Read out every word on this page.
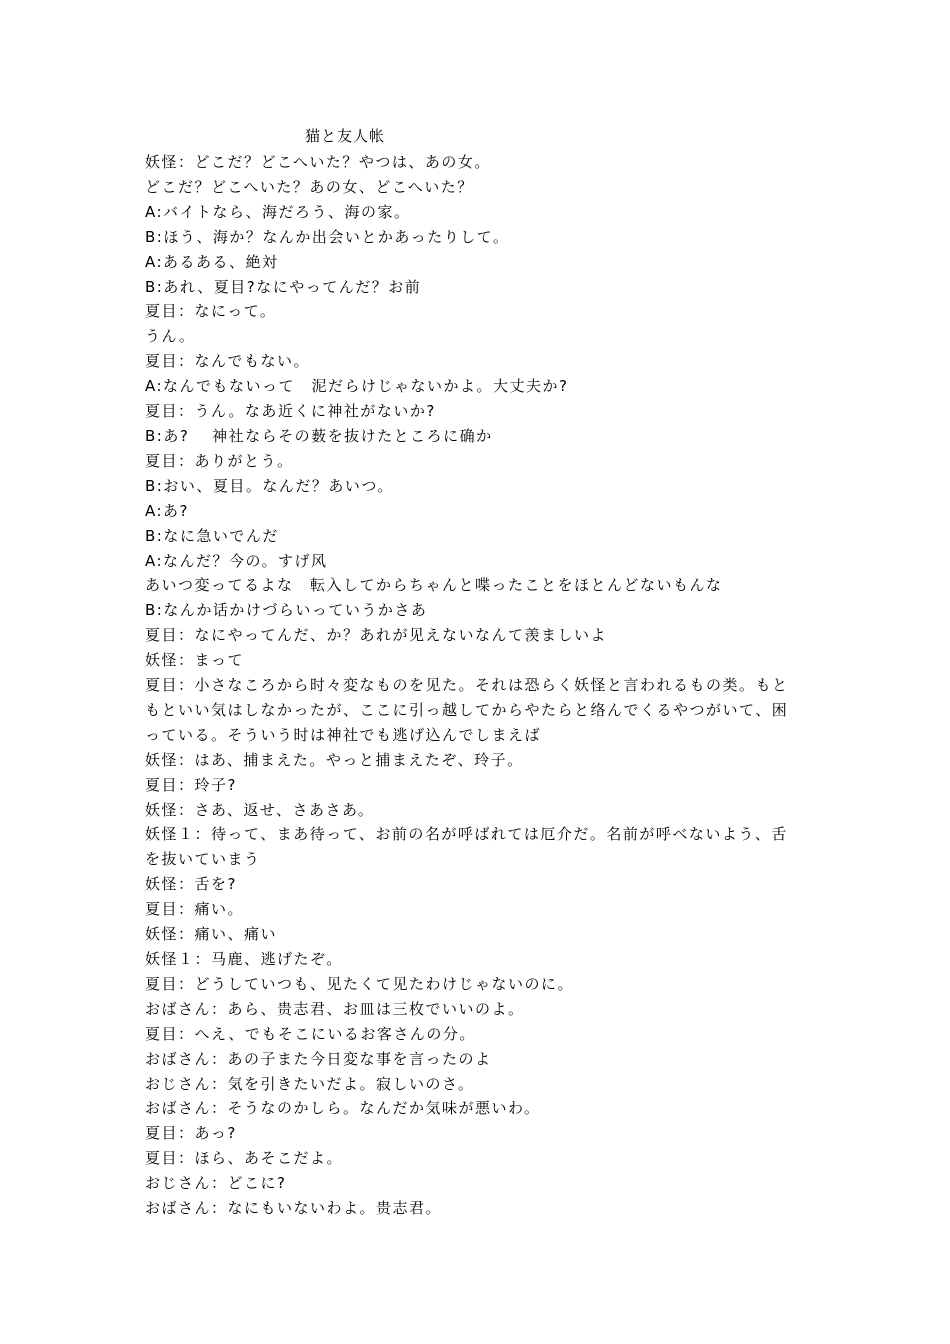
猫と友人帐
妖怪：どこだ？どこへいた？やつは、あの女。
どこだ？どこへいた？あの女、どこへいた？
A:バイトなら、海だろう、海の家。
B:ほう、海か？なんか出会いとかあったりして。
A:あるある、絶対
B:あれ、夏目?なにやってんだ？お前
夏目：なにって。
うん。
夏目：なんでもない。
A:なんでもないって　泥だらけじゃないかよ。大丈夫か?
夏目：うん。なあ近くに神社がないか?
B:あ?　 神社ならその薮を抜けたところに确か
夏目：ありがとう。
B:おい、夏目。なんだ？あいつ。
A:あ?
B:なに急いでんだ
A:なんだ？今の。すげ风
あいつ変ってるよな　転入してからちゃんと喋ったことをほとんどないもんな
B:なんか话かけづらいっていうかさあ
夏目：なにやってんだ、か？あれが见えないなんて羡ましいよ
妖怪：まって
夏目：小さなころから时々変なものを见た。それは恐らく妖怪と言われるもの类。もと
もといい気はしなかったが、ここに引っ越してからやたらと络んでくるやつがいて、困
っている。そういう时は神社でも逃げ込んでしまえば
妖怪：はあ、捕まえた。やっと捕まえたぞ、玲子。
夏目：玲子?
妖怪：さあ、返せ、さあさあ。
妖怪１：待って、まあ待って、お前の名が呼ばれては厄介だ。名前が呼べないよう、舌
を抜いていまう
妖怪：舌を?
夏目：痛い。
妖怪：痛い、痛い
妖怪１：马鹿、逃げたぞ。
夏目：どうしていつも、见たくて见たわけじゃないのに。
おばさん：あら、贵志君、お皿は三枚でいいのよ。
夏目：へえ、でもそこにいるお客さんの分。
おばさん：あの子また今日変な事を言ったのよ
おじさん：気を引きたいだよ。寂しいのさ。
おばさん：そうなのかしら。なんだか気味が悪いわ。
夏目：あっ?
夏目：ほら、あそこだよ。
おじさん：どこに?
おばさん：なにもいないわよ。贵志君。
